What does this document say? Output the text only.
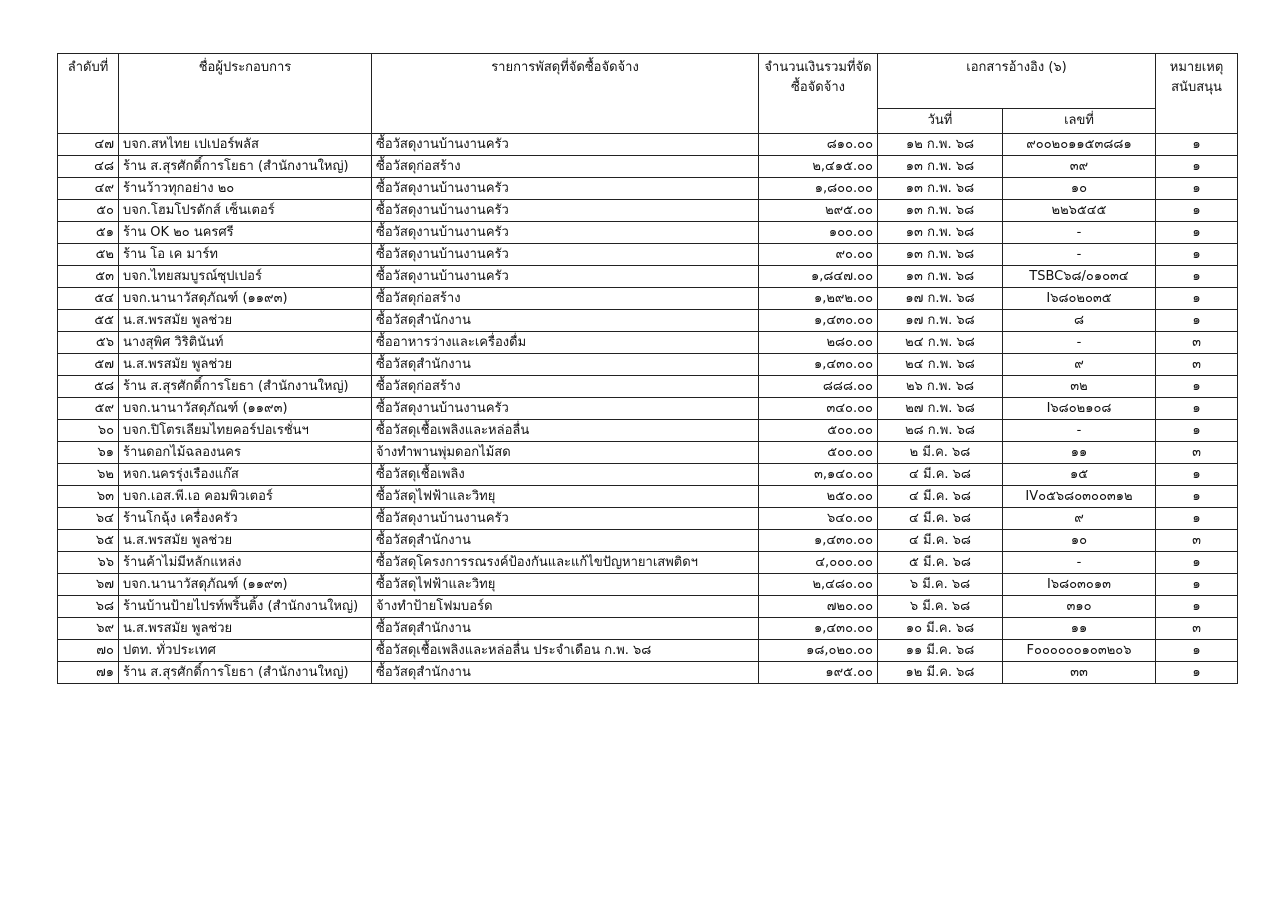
ลำดับที่	ชื่อผู้ประกอบการ	รายการพัสดุที่จัดซื้อจัดจ้าง	จำนวนเงินรวมที่จัดซื้อจัดจ้าง	เอกสารอ้างอิง (๖)		หมายเหตุสนับสนุน
				วันที่	เลขที่	
๔๗	บจก.สหไทย เปเปอร์พลัส	ซื้อวัสดุงานบ้านงานครัว	๘๑๐.๐๐	๑๒ ก.พ. ๖๘	๙๐๐๒๐๑๑๕๓๘๘๑	๑
๔๘	ร้าน ส.สุรศักดิ์การโยธา (สำนักงานใหญ่)	ซื้อวัสดุก่อสร้าง	๒,๔๑๕.๐๐	๑๓ ก.พ. ๖๘	๓๙	๑
๔๙	ร้านว้าวทุกอย่าง ๒๐	ซื้อวัสดุงานบ้านงานครัว	๑,๘๐๐.๐๐	๑๓ ก.พ. ๖๘	๑๐	๑
๕๐	บจก.โฮมโปรดักส์ เซ็นเตอร์	ซื้อวัสดุงานบ้านงานครัว	๒๙๕.๐๐	๑๓ ก.พ. ๖๘	๒๒๖๕๔๕	๑
๕๑	ร้าน OK ๒๐ นครศรี	ซื้อวัสดุงานบ้านงานครัว	๑๐๐.๐๐	๑๓ ก.พ. ๖๘	-	๑
๕๒	ร้าน โอ เค มาร์ท	ซื้อวัสดุงานบ้านงานครัว	๙๐.๐๐	๑๓ ก.พ. ๖๘	-	๑
๕๓	บจก.ไทยสมบูรณ์ซุปเปอร์	ซื้อวัสดุงานบ้านงานครัว	๑,๘๔๗.๐๐	๑๓ ก.พ. ๖๘	TSBC๖๘/๐๑๐๓๔	๑
๕๔	บจก.นานาวัสดุภัณฑ์ (๑๑๙๓)	ซื้อวัสดุก่อสร้าง	๑,๒๙๒.๐๐	๑๗ ก.พ. ๖๘	I๖๘๐๒๐๓๕	๑
๕๕	น.ส.พรสมัย พูลช่วย	ซื้อวัสดุสำนักงาน	๑,๔๓๐.๐๐	๑๗ ก.พ. ๖๘	๘	๑
๕๖	นางสุพิศ วิริตินันท์	ซื้ออาหารว่างและเครื่องดื่ม	๒๘๐.๐๐	๒๔ ก.พ. ๖๘	-	๓
๕๗	น.ส.พรสมัย พูลช่วย	ซื้อวัสดุสำนักงาน	๑,๔๓๐.๐๐	๒๔ ก.พ. ๖๘	๙	๓
๕๘	ร้าน ส.สุรศักดิ์การโยธา (สำนักงานใหญ่)	ซื้อวัสดุก่อสร้าง	๘๘๘.๐๐	๒๖ ก.พ. ๖๘	๓๒	๑
๕๙	บจก.นานาวัสดุภัณฑ์ (๑๑๙๓)	ซื้อวัสดุงานบ้านงานครัว	๓๔๐.๐๐	๒๗ ก.พ. ๖๘	I๖๘๐๒๑๐๘	๑
๖๐	บจก.ปิโตรเลียมไทยคอร์ปอเรชั่นฯ	ซื้อวัสดุเชื้อเพลิงและหล่อลื่น	๕๐๐.๐๐	๒๘ ก.พ. ๖๘	-	๑
๖๑	ร้านดอกไม้ฉลองนคร	จ้างทำพานพุ่มดอกไม้สด	๕๐๐.๐๐	๒ มี.ค. ๖๘	๑๑	๓
๖๒	หจก.นครรุ่งเรืองแก๊ส	ซื้อวัสดุเชื้อเพลิง	๓,๑๔๐.๐๐	๔ มี.ค. ๖๘	๑๕	๑
๖๓	บจก.เอส.พี.เอ คอมพิวเตอร์	ซื้อวัสดุไฟฟ้าและวิทยุ	๒๕๐.๐๐	๔ มี.ค. ๖๘	IV๐๕๖๘๐๓๐๐๓๑๒	๑
๖๔	ร้านโกฉุ้ง เครื่องครัว	ซื้อวัสดุงานบ้านงานครัว	๖๔๐.๐๐	๔ มี.ค. ๖๘	๙	๑
๖๕	น.ส.พรสมัย พูลช่วย	ซื้อวัสดุสำนักงาน	๑,๔๓๐.๐๐	๔ มี.ค. ๖๘	๑๐	๓
๖๖	ร้านค้าไม่มีหลักแหล่ง	ซื้อวัสดุโครงการรณรงค์ป้องกันและแก้ไขปัญหายาเสพติดฯ	๔,๐๐๐.๐๐	๕ มี.ค. ๖๘	-	๑
๖๗	บจก.นานาวัสดุภัณฑ์ (๑๑๙๓)	ซื้อวัสดุไฟฟ้าและวิทยุ	๒,๔๘๐.๐๐	๖ มี.ค. ๖๘	I๖๘๐๓๐๑๓	๑
๖๘	ร้านบ้านป้ายไปรท์พริ้นติ้ง (สำนักงานใหญ่)	จ้างทำป้ายโฟมบอร์ด	๗๒๐.๐๐	๖ มี.ค. ๖๘	๓๑๐	๑
๖๙	น.ส.พรสมัย พูลช่วย	ซื้อวัสดุสำนักงาน	๑,๔๓๐.๐๐	๑๐ มี.ค. ๖๘	๑๑	๓
๗๐	ปตท. ทั่วประเทศ	ซื้อวัสดุเชื้อเพลิงและหล่อลื่น ประจำเดือน ก.พ. ๖๘	๑๘,๐๒๐.๐๐	๑๑ มี.ค. ๖๘	F๐๐๐๐๐๐๑๐๓๒๐๖	๑
๗๑	ร้าน ส.สุรศักดิ์การโยธา (สำนักงานใหญ่)	ซื้อวัสดุสำนักงาน	๑๙๕.๐๐	๑๒ มี.ค. ๖๘	๓๓	๑
